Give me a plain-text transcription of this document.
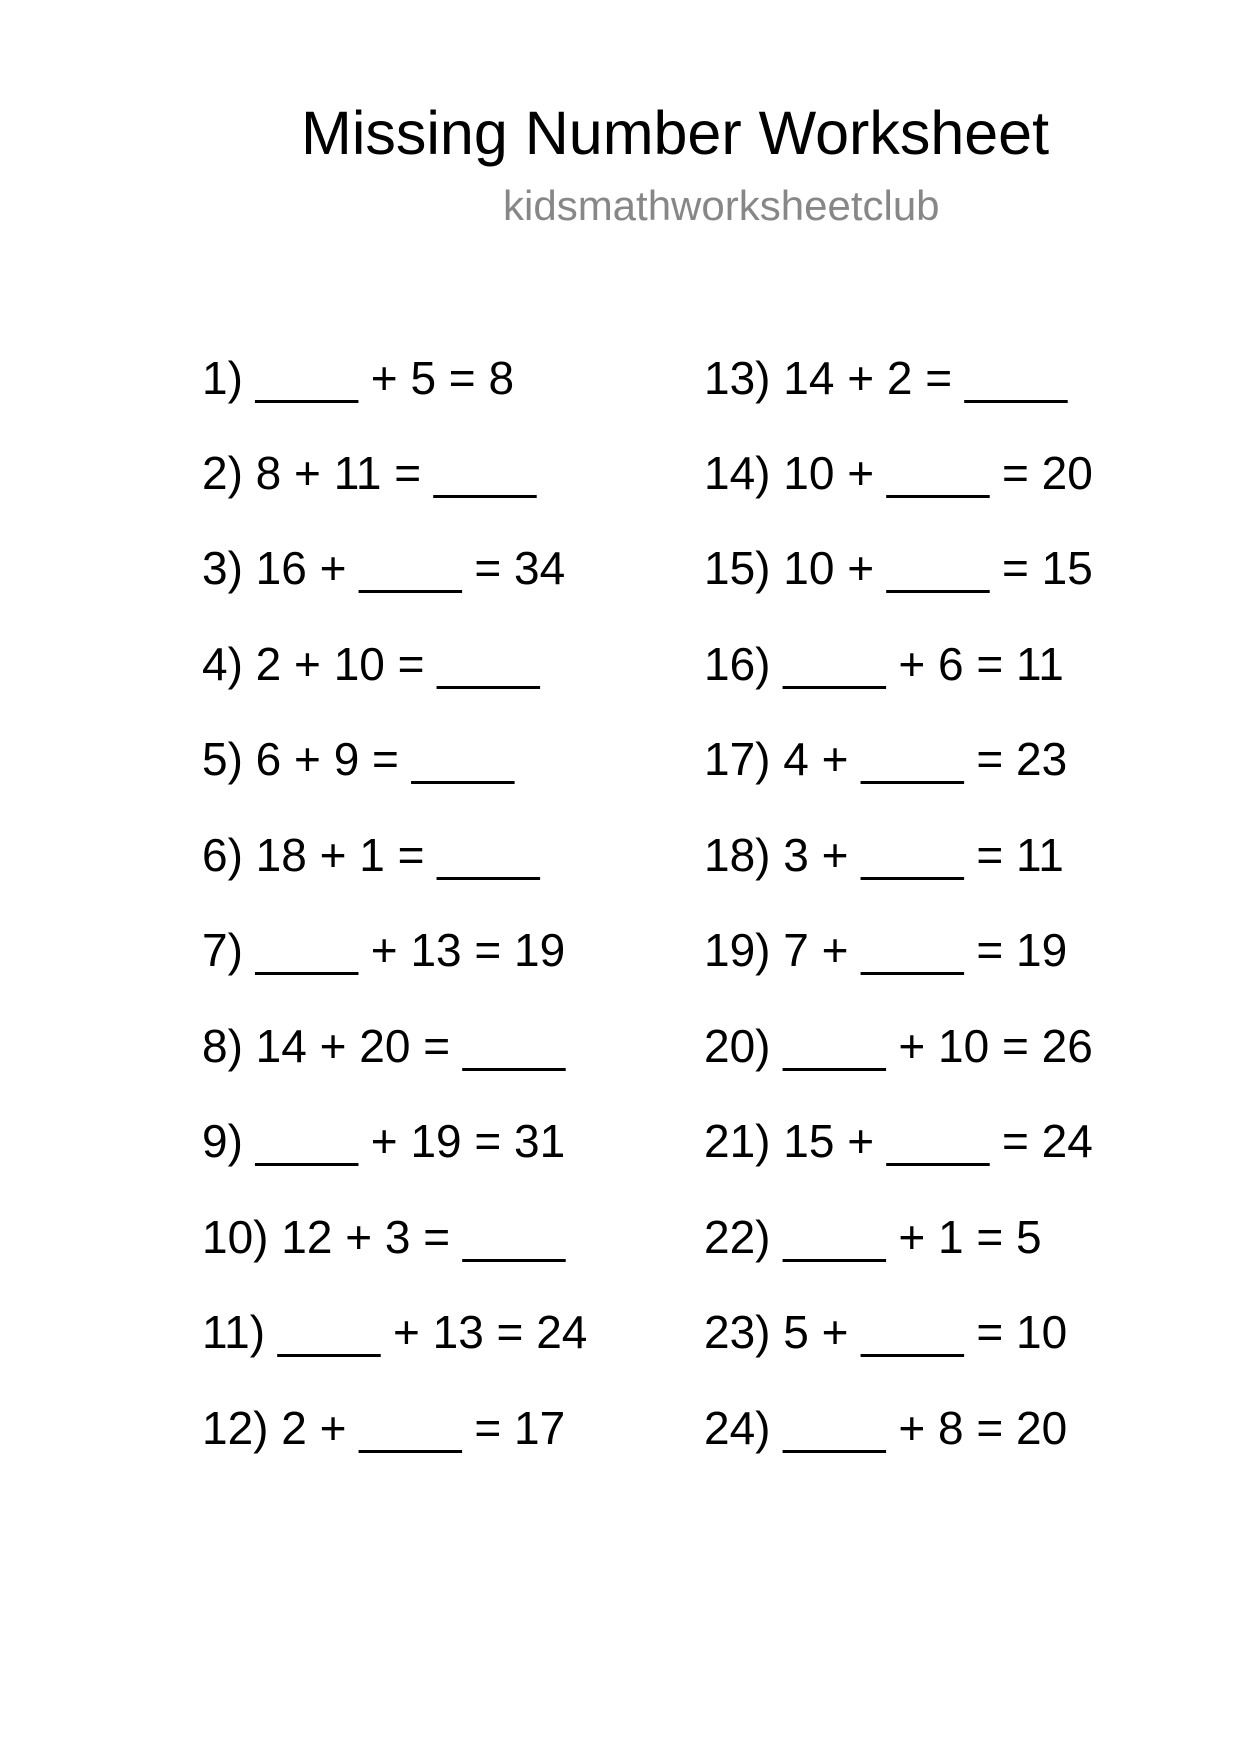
Missing Number Worksheet
kidsmathworksheetclub
1) ____ + 5 = 8
2) 8 + 11 = ____
3) 16 + ____ = 34
4) 2 + 10 = ____
5) 6 + 9 = ____
6) 18 + 1 = ____
7) ____ + 13 = 19
8) 14 + 20 = ____
9) ____ + 19 = 31
10) 12 + 3 = ____
11) ____ + 13 = 24
12) 2 + ____ = 17
13) 14 + 2 = ____
14) 10 + ____ = 20
15) 10 + ____ = 15
16) ____ + 6 = 11
17) 4 + ____ = 23
18) 3 + ____ = 11
19) 7 + ____ = 19
20) ____ + 10 = 26
21) 15 + ____ = 24
22) ____ + 1 = 5
23) 5 + ____ = 10
24) ____ + 8 = 20
